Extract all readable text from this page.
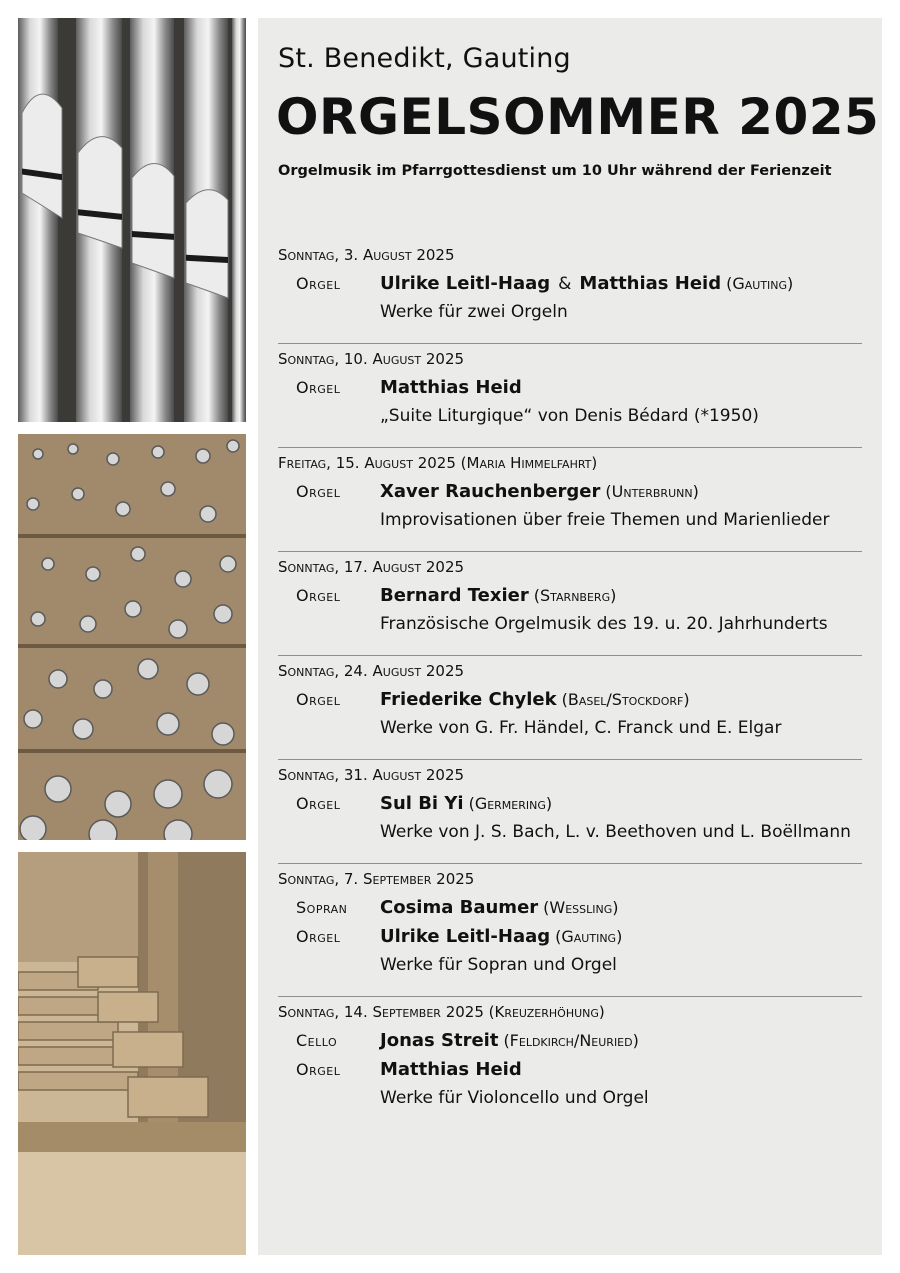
St. Benedikt, Gauting
ORGELSOMMER 2025
Orgelmusik im Pfarrgottesdienst um 10 Uhr während der Ferienzeit
Sonntag, 3. August 2025
Orgel	Ulrike Leitl-Haag & Matthias Heid (Gauting)
Werke für zwei Orgeln
Sonntag, 10. August 2025
Orgel	Matthias Heid
„Suite Liturgique“ von Denis Bédard (*1950)
Freitag, 15. August 2025 (Maria Himmelfahrt)
Orgel	Xaver Rauchenberger (Unterbrunn)
Improvisationen über freie Themen und Marienlieder
Sonntag, 17. August 2025
Orgel	Bernard Texier (Starnberg)
Französische Orgelmusik des 19. u. 20. Jahrhunderts
Sonntag, 24. August 2025
Orgel	Friederike Chylek (Basel/Stockdorf)
Werke von G. Fr. Händel, C. Franck und E. Elgar
Sonntag, 31. August 2025
Orgel	Sul Bi Yi (Germering)
Werke von J. S. Bach, L. v. Beethoven und L. Boëllmann
Sonntag, 7. September 2025
Sopran	Cosima Baumer (Wessling)
Orgel	Ulrike Leitl-Haag (Gauting)
Werke für Sopran und Orgel
Sonntag, 14. September 2025 (Kreuzerhöhung)
Cello	Jonas Streit (Feldkirch/Neuried)
Orgel	Matthias Heid
Werke für Violoncello und Orgel
